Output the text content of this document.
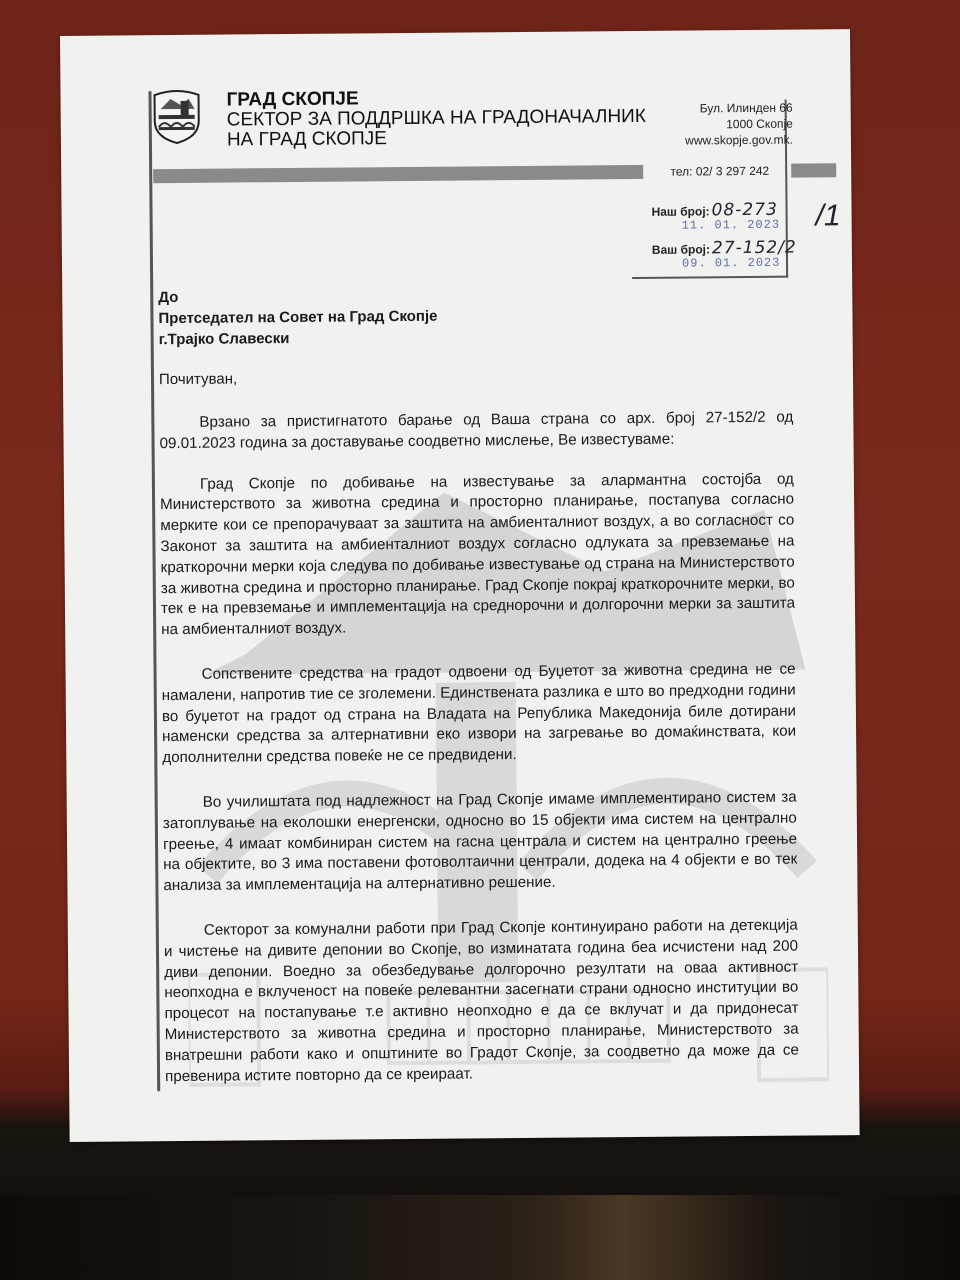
ГРАД СКОПЈЕ
СЕКТОР ЗА ПОДДРШКА НА ГРАДОНАЧАЛНИК
НА ГРАД СКОПЈЕ
Бул. Илинден 66
1000 Скопје
www.skopje.gov.mk.
тел: 02/ 3 297 242
Наш број: 08-273 /1
11. 01. 2023
Ваш број: 27-152/2
09. 01. 2023
До
Претседател на Совет на Град Скопје
г.Трајко Славески
Почитуван,

Врзано за пристигнатото барање од Ваша страна со арх. број 27-152/2 од 09.01.2023 година за доставување соодветно мислење, Ве известуваме:

Град Скопје по добивање на известување за алармантна состојба од Министерството за животна средина и просторно планирање, постапува согласно мерките кои се препорачуваат за заштита на амбиенталниот воздух, а во согласност со Законот за заштита на амбиенталниот воздух согласно одлуката за превземање на краткорочни мерки која следува по добивање известување од страна на Министерството за животна средина и просторно планирање. Град Скопје покрај краткорочните мерки, во тек е на превземање и имплементација на среднорочни и долгорочни мерки за заштита на амбиенталниот воздух.

Сопствените средства на градот одвоени од Буџетот за животна средина не се намалени, напротив тие се зголемени. Единствената разлика е што во предходни години во буџетот на градот од страна на Владата на Република Македонија биле дотирани наменски средства за алтернативни еко извори на загревање во домаќинствата, кои дополнителни средства повеќе не се предвидени.

Во училиштата под надлежност на Град Скопје имаме имплементирано систем за затоплување на еколошки енергенски, односно во 15 објекти има систем на централно греење, 4 имаат комбиниран систем на гасна централа и систем на централно греење на објектите, во 3 има поставени фотоволтаични централи, додека на 4 објекти е во тек анализа за имплементација на алтернативно решение.

Секторот за комунални работи при Град Скопје континуирано работи на детекција и чистење на дивите депонии во Скопје, во изминатата година беа исчистени над 200 диви депонии. Воедно за обезбедување долгорочно резултати на оваа активност неопходна е вклученост на повеќе релевантни засегнати страни односно институции во процесот на постапување т.е активно неопходно е да се вклучат и да придонесат Министерството за животна средина и просторно планирање, Министерството за внатрешни работи како и општините во Градот Скопје, за соодветно да може да се превенира истите повторно да се креираат.
